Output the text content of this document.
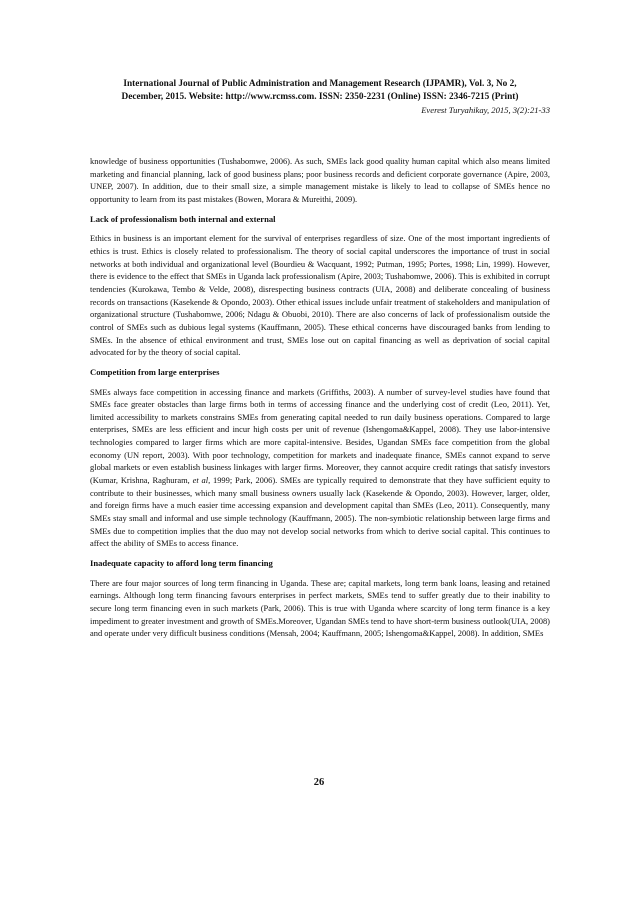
International Journal of Public Administration and Management Research (IJPAMR), Vol. 3, No 2,
December, 2015. Website: http://www.rcmss.com. ISSN: 2350-2231 (Online) ISSN: 2346-7215 (Print)
Everest Turyahikay, 2015, 3(2):21-33

knowledge of business opportunities (Tushabomwe, 2006). As such, SMEs lack good quality human capital which also means limited marketing and financial planning, lack of good business plans; poor business records and deficient corporate governance (Apire, 2003, UNEP, 2007). In addition, due to their small size, a simple management mistake is likely to lead to collapse of SMEs hence no opportunity to learn from its past mistakes (Bowen, Morara & Mureithi, 2009).

Lack of professionalism both internal and external

Ethics in business is an important element for the survival of enterprises regardless of size. One of the most important ingredients of ethics is trust. Ethics is closely related to professionalism. The theory of social capital underscores the importance of trust in social networks at both individual and organizational level (Bourdieu & Wacquant, 1992; Putman, 1995; Portes, 1998; Lin, 1999). However, there is evidence to the effect that SMEs in Uganda lack professionalism (Apire, 2003; Tushabomwe, 2006). This is exhibited in corrupt tendencies (Kurokawa, Tembo & Velde, 2008), disrespecting business contracts (UIA, 2008) and deliberate concealing of business records on transactions (Kasekende & Opondo, 2003). Other ethical issues include unfair treatment of stakeholders and manipulation of organizational structure (Tushabomwe, 2006; Ndagu & Obuobi, 2010). There are also concerns of lack of professionalism outside the control of SMEs such as dubious legal systems (Kauffmann, 2005). These ethical concerns have discouraged banks from lending to SMEs. In the absence of ethical environment and trust, SMEs lose out on capital financing as well as deprivation of social capital advocated for by the theory of social capital.

Competition from large enterprises

SMEs always face competition in accessing finance and markets (Griffiths, 2003). A number of survey-level studies have found that SMEs face greater obstacles than large firms both in terms of accessing finance and the underlying cost of credit (Leo, 2011). Yet, limited accessibility to markets constrains SMEs from generating capital needed to run daily business operations. Compared to large enterprises, SMEs are less efficient and incur high costs per unit of revenue (Ishengoma&Kappel, 2008). They use labor-intensive technologies compared to larger firms which are more capital-intensive. Besides, Ugandan SMEs face competition from the global economy (UN report, 2003). With poor technology, competition for markets and inadequate finance, SMEs cannot expand to serve global markets or even establish business linkages with larger firms. Moreover, they cannot acquire credit ratings that satisfy investors (Kumar, Krishna, Raghuram, et al, 1999; Park, 2006). SMEs are typically required to demonstrate that they have sufficient equity to contribute to their businesses, which many small business owners usually lack (Kasekende & Opondo, 2003). However, larger, older, and foreign firms have a much easier time accessing expansion and development capital than SMEs (Leo, 2011). Consequently, many SMEs stay small and informal and use simple technology (Kauffmann, 2005). The non-symbiotic relationship between large firms and SMEs due to competition implies that the duo may not develop social networks from which to derive social capital. This continues to affect the ability of SMEs to access finance.

Inadequate capacity to afford long term financing

There are four major sources of long term financing in Uganda. These are; capital markets, long term bank loans, leasing and retained earnings. Although long term financing favours enterprises in perfect markets, SMEs tend to suffer greatly due to their inability to secure long term financing even in such markets (Park, 2006). This is true with Uganda where scarcity of long term finance is a key impediment to greater investment and growth of SMEs.Moreover, Ugandan SMEs tend to have short-term business outlook(UIA, 2008) and operate under very difficult business conditions (Mensah, 2004; Kauffmann, 2005; Ishengoma&Kappel, 2008). In addition, SMEs

26
